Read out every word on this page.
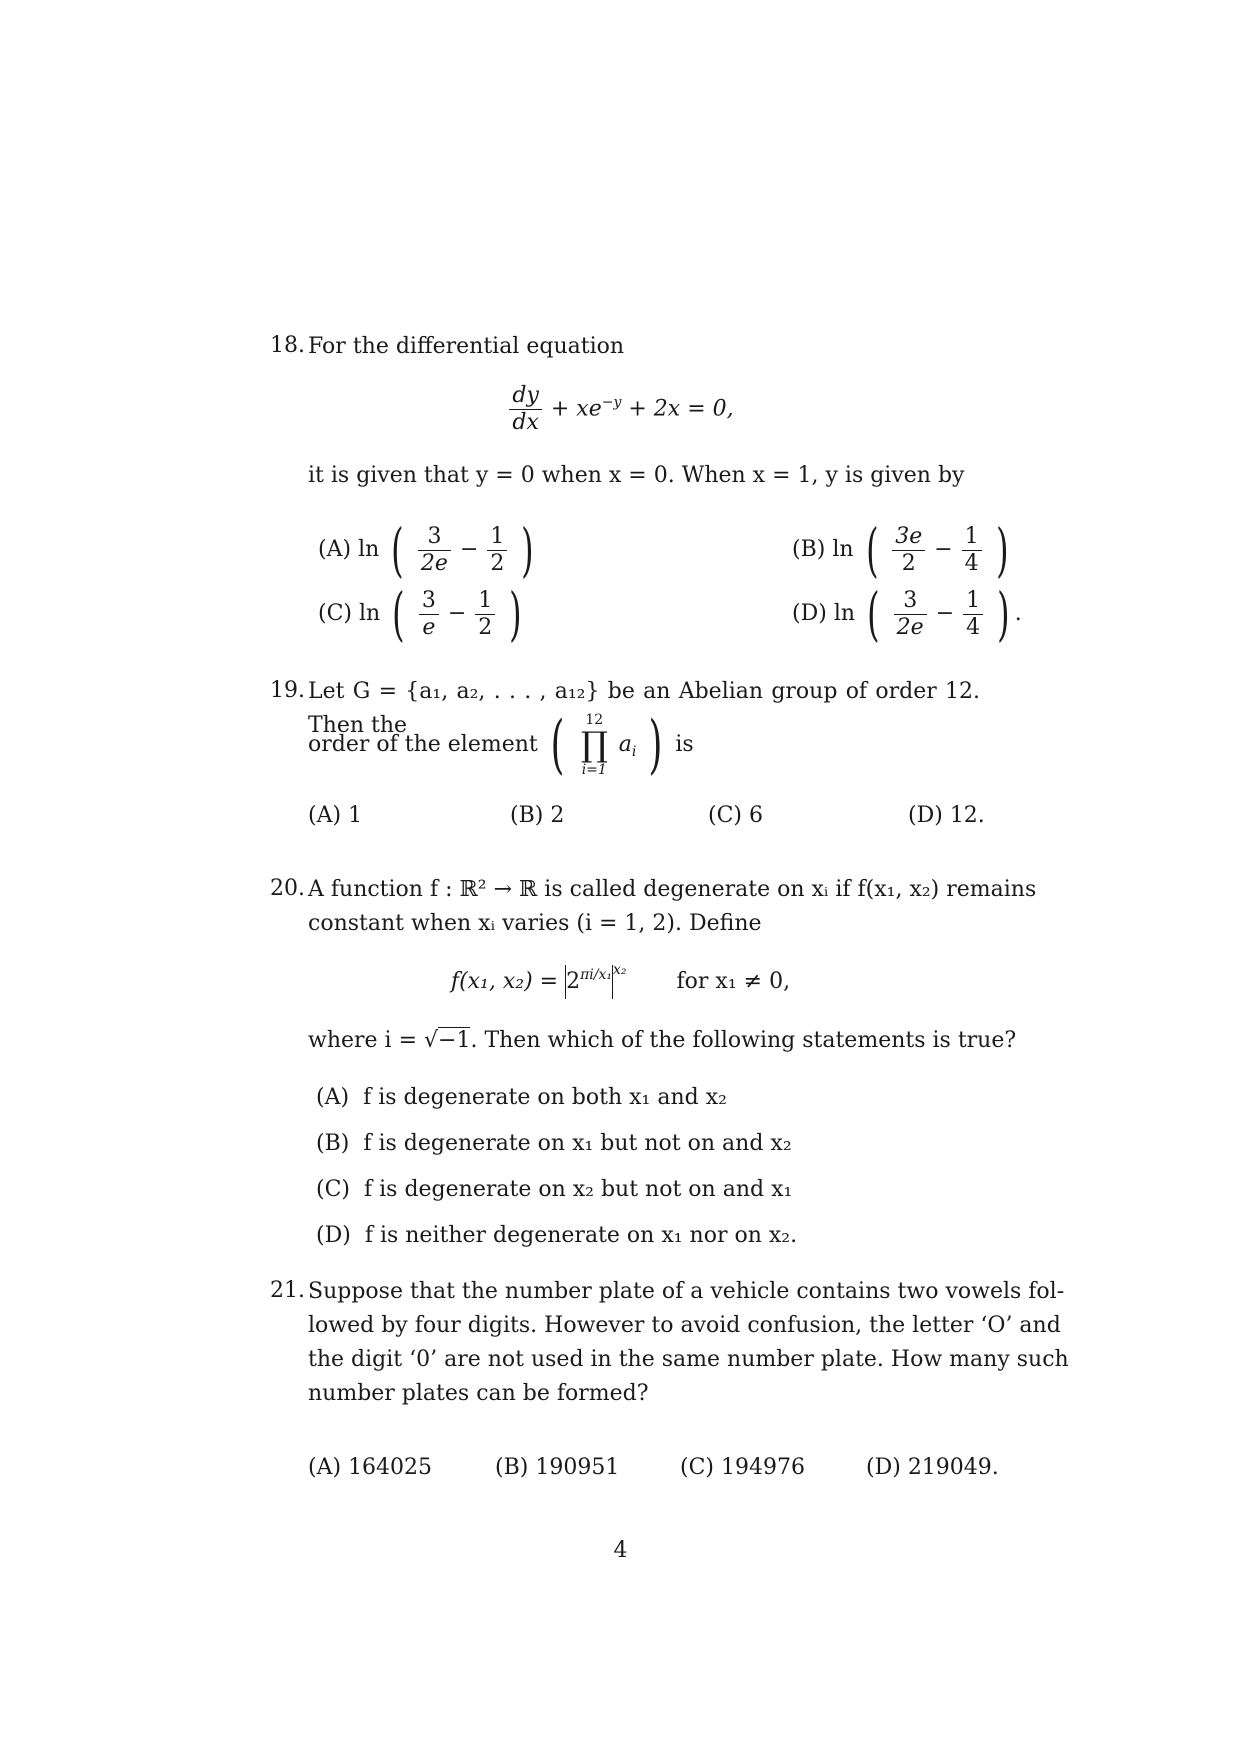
18. For the differential equation
$\frac{dy}{dx} + xe^{-y} + 2x = 0$,
it is given that y = 0 when x = 0. When x = 1, y is given by
(A) ln ( $\frac{3}{2e} - \frac{1}{2}$ )	(B) ln ( $\frac{3e}{2} - \frac{1}{4}$ )
(C) ln ( $\frac{3}{e} - \frac{1}{2}$ )	(D) ln ( $\frac{3}{2e} - \frac{1}{4}$ ) .
19. Let G = {a₁, a₂, . . . , a₁₂} be an Abelian group of order 12. Then the
order of the element (	12
∏
i=1
$a_i$ ) is
(A) 1	(B) 2	(C) 6	(D) 12.
20. A function f : ℝ² → ℝ is called degenerate on xᵢ if f(x₁, x₂) remains
constant when xᵢ varies (i = 1, 2). Define
f(x₁, $x_2) = 2^{\pi i/x_1x_2}$ for x₁ ≠ 0,
where i = √−1. Then which of the following statements is true?
(A) f is degenerate on both x₁ and x₂
(B) f is degenerate on x₁ but not on and x₂
(C) f is degenerate on x₂ but not on and x₁
(D) f is neither degenerate on x₁ nor on x₂.
21. Suppose that the number plate of a vehicle contains two vowels fol-
lowed by four digits. However to avoid confusion, the letter ‘O’ and
the digit ‘0’ are not used in the same number plate. How many such
number plates can be formed?
(A) 164025	(B) 190951	(C) 194976	(D) 219049.
4
